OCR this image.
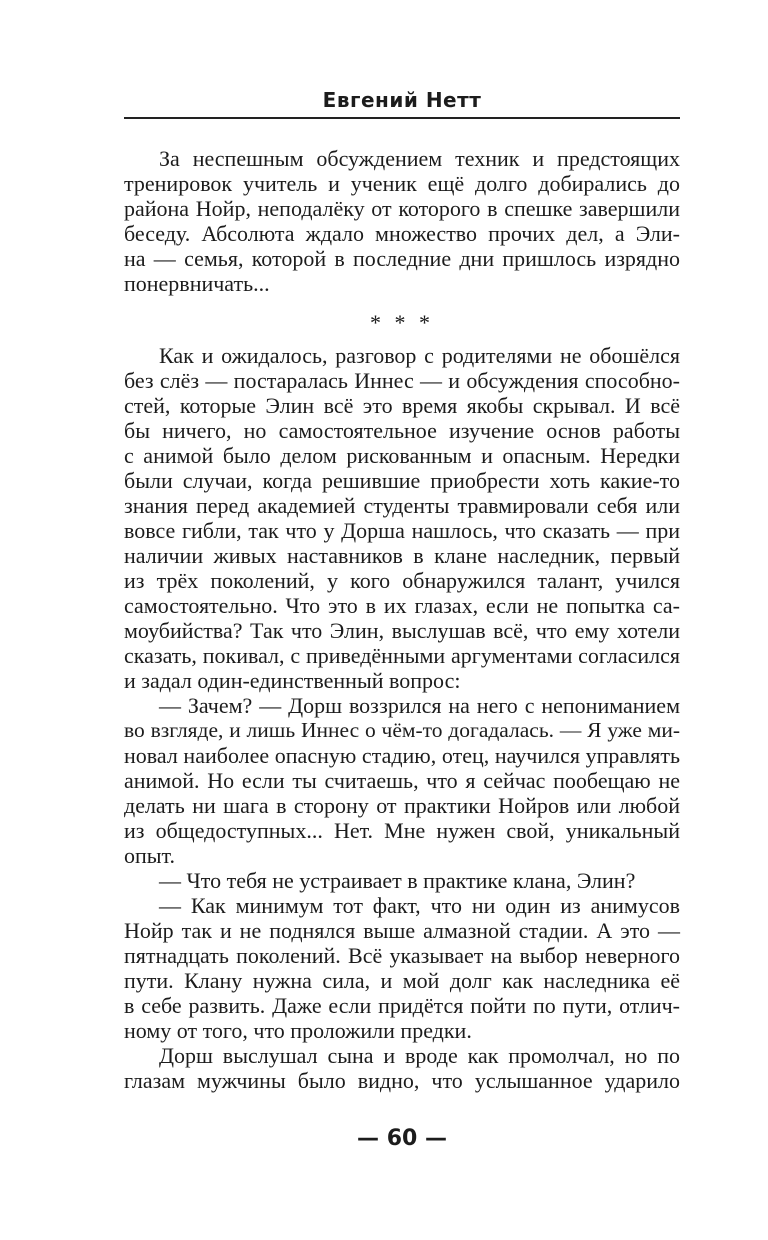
Евгений Нетт
За неспешным обсуждением техник и предстоящих
тренировок учитель и ученик ещё долго добирались до
района Нойр, неподалёку от которого в спешке завершили
беседу. Абсолюта ждало множество прочих дел, а Эли-
на — семья, которой в последние дни пришлось изрядно
понервничать...
* * *
Как и ожидалось, разговор с родителями не обошёлся
без слёз — постаралась Иннес — и обсуждения способно-
стей, которые Элин всё это время якобы скрывал. И всё
бы ничего, но самостоятельное изучение основ работы
с анимой было делом рискованным и опасным. Нередки
были случаи, когда решившие приобрести хоть какие-то
знания перед академией студенты травмировали себя или
вовсе гибли, так что у Дорша нашлось, что сказать — при
наличии живых наставников в клане наследник, первый
из трёх поколений, у кого обнаружился талант, учился
самостоятельно. Что это в их глазах, если не попытка са-
моубийства? Так что Элин, выслушав всё, что ему хотели
сказать, покивал, с приведёнными аргументами согласился
и задал один-единственный вопрос:
— Зачем? — Дорш воззрился на него с непониманием
во взгляде, и лишь Иннес о чём-то догадалась. — Я уже ми-
новал наиболее опасную стадию, отец, научился управлять
анимой. Но если ты считаешь, что я сейчас пообещаю не
делать ни шага в сторону от практики Нойров или любой
из общедоступных... Нет. Мне нужен свой, уникальный
опыт.
— Что тебя не устраивает в практике клана, Элин?
— Как минимум тот факт, что ни один из анимусов
Нойр так и не поднялся выше алмазной стадии. А это —
пятнадцать поколений. Всё указывает на выбор неверного
пути. Клану нужна сила, и мой долг как наследника её
в себе развить. Даже если придётся пойти по пути, отлич-
ному от того, что проложили предки.
Дорш выслушал сына и вроде как промолчал, но по
глазам мужчины было видно, что услышанное ударило
— 60 —
